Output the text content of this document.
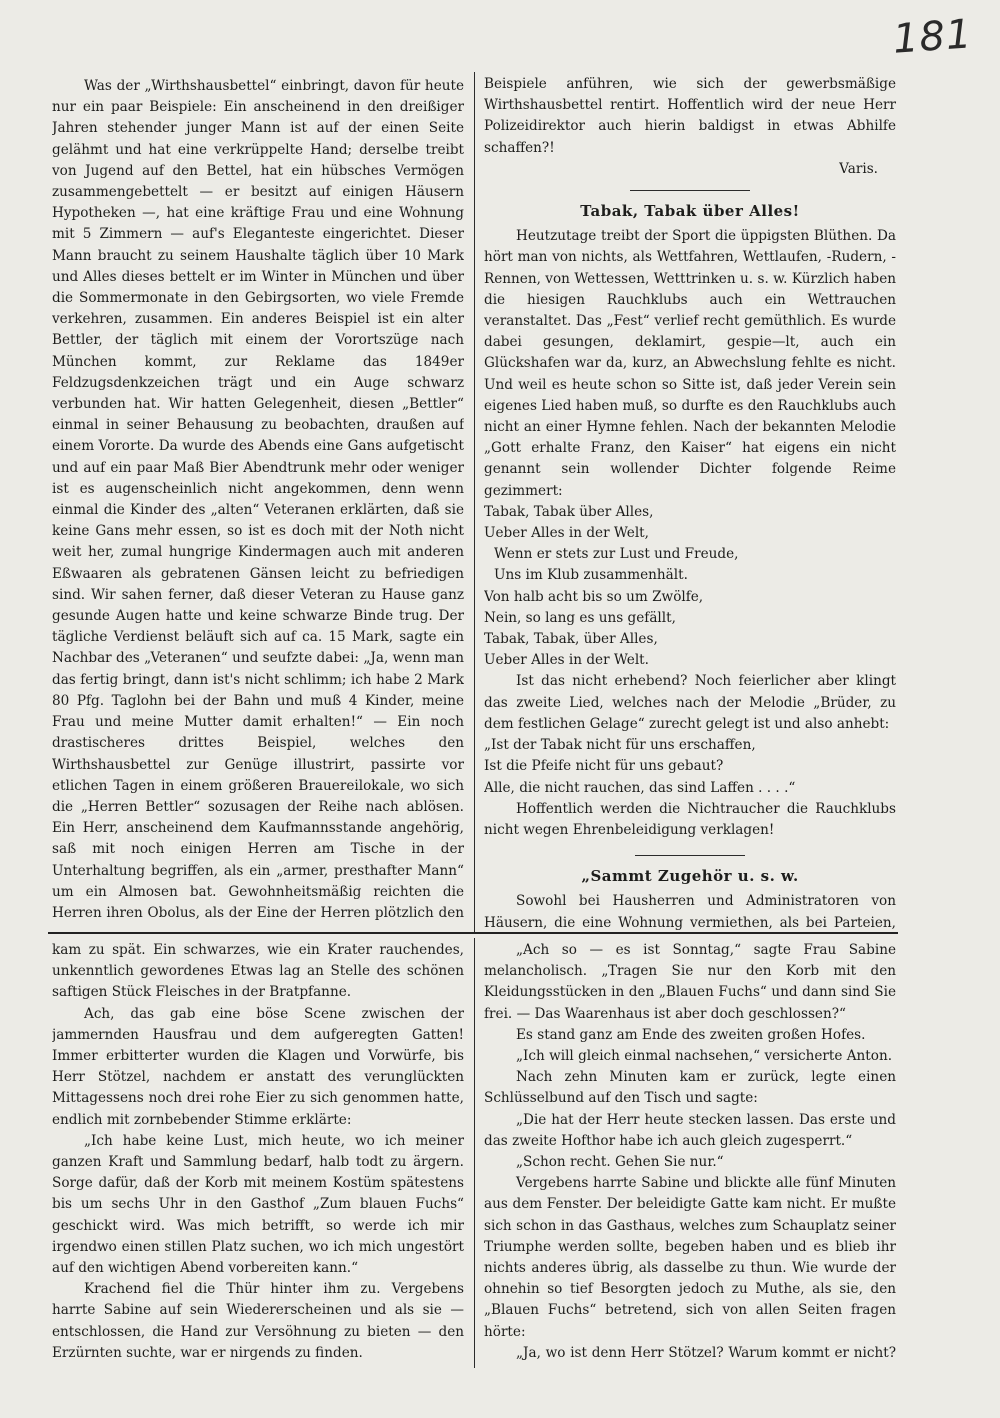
181

Was der „Wirthshausbettel“ einbringt, davon für heute nur ein paar Beispiele: Ein anscheinend in den dreißiger Jahren stehender junger Mann ist auf der einen Seite gelähmt und hat eine verkrüppelte Hand; derselbe treibt von Jugend auf den Bettel, hat ein hübsches Vermögen zusammengebettelt — er besitzt auf einigen Häusern Hypotheken —, hat eine kräftige Frau und eine Wohnung mit 5 Zimmern — auf's Eleganteste eingerichtet. Dieser Mann braucht zu seinem Haushalte täglich über 10 Mark und Alles dieses bettelt er im Winter in München und über die Sommermonate in den Gebirgsorten, wo viele Fremde verkehren, zusammen. Ein anderes Beispiel ist ein alter Bettler, der täglich mit einem der Vorortszüge nach München kommt, zur Reklame das 1849er Feldzugsdenkzeichen trägt und ein Auge schwarz verbunden hat. Wir hatten Gelegenheit, diesen „Bettler“ einmal in seiner Behausung zu beobachten, draußen auf einem Vororte. Da wurde des Abends eine Gans aufgetischt und auf ein paar Maß Bier Abendtrunk mehr oder weniger ist es augenscheinlich nicht angekommen, denn wenn einmal die Kinder des „alten“ Veteranen erklärten, daß sie keine Gans mehr essen, so ist es doch mit der Noth nicht weit her, zumal hungrige Kindermagen auch mit anderen Eßwaaren als gebratenen Gänsen leicht zu befriedigen sind. Wir sahen ferner, daß dieser Veteran zu Hause ganz gesunde Augen hatte und keine schwarze Binde trug. Der tägliche Verdienst beläuft sich auf ca. 15 Mark, sagte ein Nachbar des „Veteranen“ und seufzte dabei: „Ja, wenn man das fertig bringt, dann ist's nicht schlimm; ich habe 2 Mark 80 Pfg. Taglohn bei der Bahn und muß 4 Kinder, meine Frau und meine Mutter damit erhalten!“ — Ein noch drastischeres drittes Beispiel, welches den Wirthshausbettel zur Genüge illustrirt, passirte vor etlichen Tagen in einem größeren Brauereilokale, wo sich die „Herren Bettler“ sozusagen der Reihe nach ablösen. Ein Herr, anscheinend dem Kaufmannsstande angehörig, saß mit noch einigen Herren am Tische in der Unterhaltung begriffen, als ein „armer, presthafter Mann“ um ein Almosen bat. Gewohnheitsmäßig reichten die Herren ihren Obolus, als der Eine der Herren plötzlich den

Beispiele anführen, wie sich der gewerbsmäßige Wirthshausbettel rentirt. Hoffentlich wird der neue Herr Polizeidirektor auch hierin baldigst in etwas Abhilfe schaffen?!

Varis.

Tabak, Tabak über Alles!

Heutzutage treibt der Sport die üppigsten Blüthen. Da hört man von nichts, als Wettfahren, Wettlaufen, -Rudern, -Rennen, von Wettessen, Wetttrinken u. s. w. Kürzlich haben die hiesigen Rauchklubs auch ein Wettrauchen veranstaltet. Das „Fest“ verlief recht gemüthlich. Es wurde dabei gesungen, deklamirt, gespie—lt, auch ein Glückshafen war da, kurz, an Abwechslung fehlte es nicht. Und weil es heute schon so Sitte ist, daß jeder Verein sein eigenes Lied haben muß, so durfte es den Rauchklubs auch nicht an einer Hymne fehlen. Nach der bekannten Melodie „Gott erhalte Franz, den Kaiser“ hat eigens ein nicht genannt sein wollender Dichter folgende Reime gezimmert:

Tabak, Tabak über Alles,
Ueber Alles in der Welt,
Wenn er stets zur Lust und Freude,
Uns im Klub zusammenhält.
Von halb acht bis so um Zwölfe,
Nein, so lang es uns gefällt,
Tabak, Tabak, über Alles,
Ueber Alles in der Welt.

Ist das nicht erhebend? Noch feierlicher aber klingt das zweite Lied, welches nach der Melodie „Brüder, zu dem festlichen Gelage“ zurecht gelegt ist und also anhebt:

„Ist der Tabak nicht für uns erschaffen,
Ist die Pfeife nicht für uns gebaut?
Alle, die nicht rauchen, das sind Laffen . . . .“

Hoffentlich werden die Nichtraucher die Rauchklubs nicht wegen Ehrenbeleidigung verklagen!

„Sammt Zugehör u. s. w.

Sowohl bei Hausherren und Administratoren von Häusern, die eine Wohnung vermiethen, als bei Parteien,

kam zu spät. Ein schwarzes, wie ein Krater rauchendes, unkenntlich gewordenes Etwas lag an Stelle des schönen saftigen Stück Fleisches in der Bratpfanne.

Ach, das gab eine böse Scene zwischen der jammernden Hausfrau und dem aufgeregten Gatten! Immer erbitterter wurden die Klagen und Vorwürfe, bis Herr Stötzel, nachdem er anstatt des verunglückten Mittagessens noch drei rohe Eier zu sich genommen hatte, endlich mit zornbebender Stimme erklärte:

„Ich habe keine Lust, mich heute, wo ich meiner ganzen Kraft und Sammlung bedarf, halb todt zu ärgern. Sorge dafür, daß der Korb mit meinem Kostüm spätestens bis um sechs Uhr in den Gasthof „Zum blauen Fuchs“ geschickt wird. Was mich betrifft, so werde ich mir irgendwo einen stillen Platz suchen, wo ich mich ungestört auf den wichtigen Abend vorbereiten kann.“

Krachend fiel die Thür hinter ihm zu. Vergebens harrte Sabine auf sein Wiedererscheinen und als sie — entschlossen, die Hand zur Versöhnung zu bieten — den Erzürnten suchte, war er nirgends zu finden.

„Ach so — es ist Sonntag,“ sagte Frau Sabine melancholisch. „Tragen Sie nur den Korb mit den Kleidungsstücken in den „Blauen Fuchs“ und dann sind Sie frei. — Das Waarenhaus ist aber doch geschlossen?“

Es stand ganz am Ende des zweiten großen Hofes.

„Ich will gleich einmal nachsehen,“ versicherte Anton.

Nach zehn Minuten kam er zurück, legte einen Schlüsselbund auf den Tisch und sagte:

„Die hat der Herr heute stecken lassen. Das erste und das zweite Hofthor habe ich auch gleich zugesperrt.“

„Schon recht. Gehen Sie nur.“

Vergebens harrte Sabine und blickte alle fünf Minuten aus dem Fenster. Der beleidigte Gatte kam nicht. Er mußte sich schon in das Gasthaus, welches zum Schauplatz seiner Triumphe werden sollte, begeben haben und es blieb ihr nichts anderes übrig, als dasselbe zu thun. Wie wurde der ohnehin so tief Besorgten jedoch zu Muthe, als sie, den „Blauen Fuchs“ betretend, sich von allen Seiten fragen hörte:

„Ja, wo ist denn Herr Stötzel? Warum kommt er nicht?
